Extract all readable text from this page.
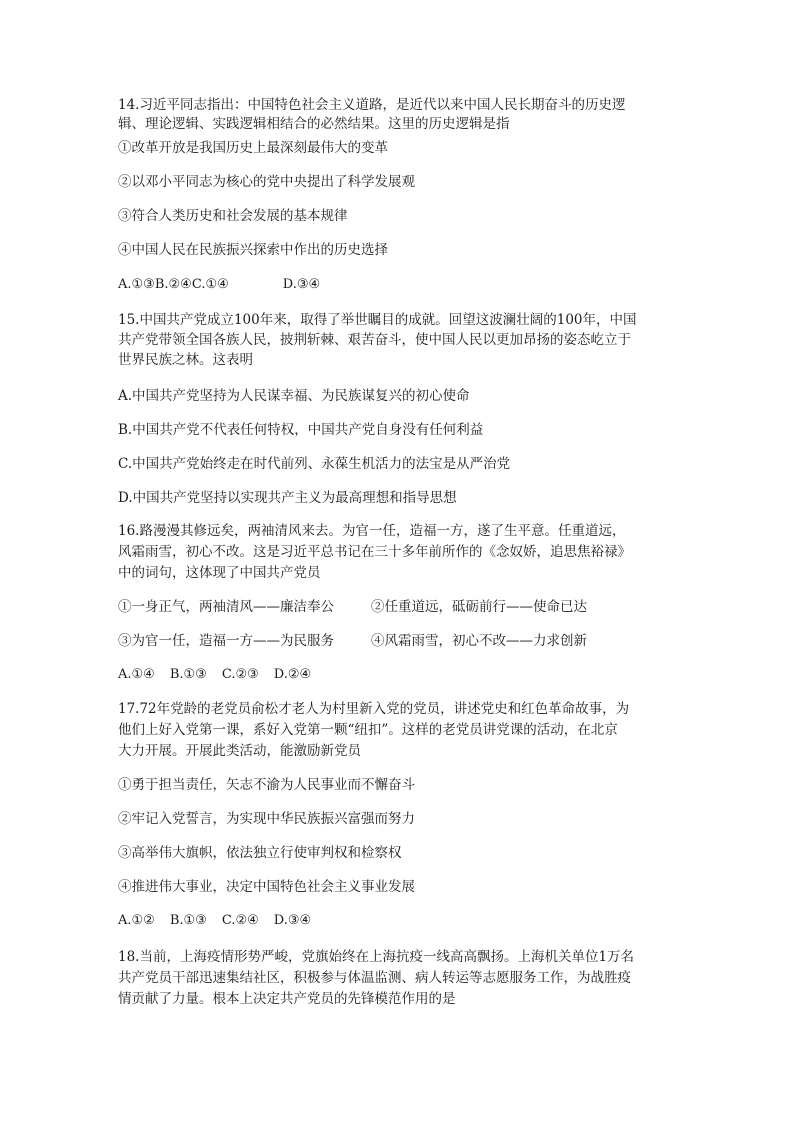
14.习近平同志指出：中国特色社会主义道路，是近代以来中国人民长期奋斗的历史逻
辑、理论逻辑、实践逻辑相结合的必然结果。这里的历史逻辑是指
①改革开放是我国历史上最深刻最伟大的变革
②以邓小平同志为核心的党中央提出了科学发展观
③符合人类历史和社会发展的基本规律
④中国人民在民族振兴探索中作出的历史选择
A.①③B.②④C.①④	D.③④
15.中国共产党成立100年来，取得了举世瞩目的成就。回望这波澜壮阔的100年，中国
共产党带领全国各族人民，披荆斩棘、艰苦奋斗，使中国人民以更加昂扬的姿态屹立于
世界民族之林。这表明
A.中国共产党坚持为人民谋幸福、为民族谋复兴的初心使命
B.中国共产党不代表任何特权，中国共产党自身没有任何利益
C.中国共产党始终走在时代前列、永葆生机活力的法宝是从严治党
D.中国共产党坚持以实现共产主义为最高理想和指导思想
16.路漫漫其修远矣，两袖清风来去。为官一任，造福一方，遂了生平意。任重道远，
风霜雨雪，初心不改。这是习近平总书记在三十多年前所作的《念奴娇，追思焦裕禄》
中的词句，这体现了中国共产党员
①一身正气，两袖清风——廉洁奉公	②任重道远，砥砺前行——使命已达
③为官一任，造福一方——为民服务	④风霜雨雪，初心不改——力求创新
A.①④ B.①③ C.②③ D.②④
17.72年党龄的老党员俞松才老人为村里新入党的党员，讲述党史和红色革命故事，为
他们上好入党第一课，系好入党第一颗“纽扣”。这样的老党员讲党课的活动，在北京
大力开展。开展此类活动，能激励新党员
①勇于担当责任，矢志不渝为人民事业而不懈奋斗
②牢记入党誓言，为实现中华民族振兴富强而努力
③高举伟大旗帜，依法独立行使审判权和检察权
④推进伟大事业，决定中国特色社会主义事业发展
A.①② B.①③ C.②④ D.③④
18.当前，上海疫情形势严峻，党旗始终在上海抗疫一线高高飘扬。上海机关单位1万名
共产党员干部迅速集结社区，积极参与体温监测、病人转运等志愿服务工作，为战胜疫
情贡献了力量。根本上决定共产党员的先锋模范作用的是
